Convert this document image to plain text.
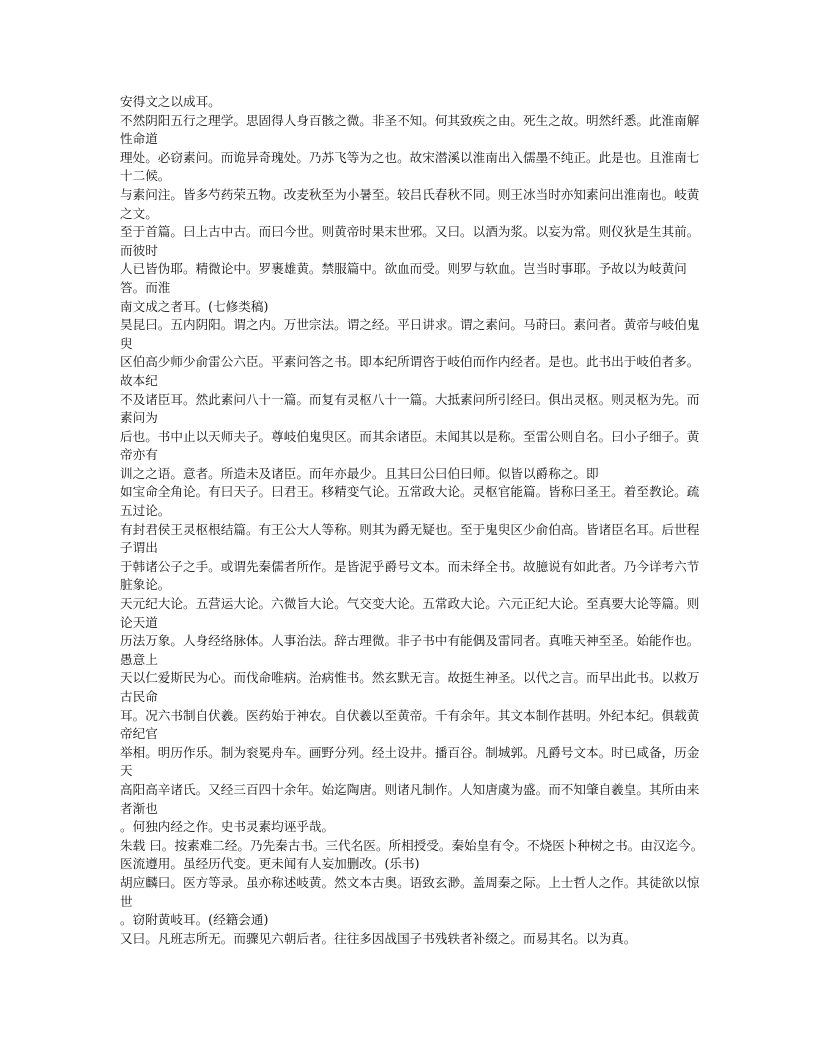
安得文之以成耳。
不然阴阳五行之理学。思固得人身百骸之微。非圣不知。何其致疾之由。死生之故。明然纤悉。此淮南解性命道
理处。必窃素问。而诡异奇瑰处。乃苏飞等为之也。故宋潜溪以淮南出入儒墨不纯正。此是也。且淮南七十二候。
与素问注。皆多芍药荣五物。改麦秋至为小暑至。较吕氏春秋不同。则王冰当时亦知素问出淮南也。岐黄之文。
至于首篇。曰上古中古。而曰今世。则黄帝时果末世邪。又曰。以酒为浆。以妄为常。则仪狄是生其前。而彼时
人已皆伪耶。精微论中。罗裹雄黄。禁服篇中。欲血而受。则罗与软血。岂当时事耶。予故以为岐黄问答。而淮
南文成之者耳。(七修类稿)
昊昆曰。五内阴阳。谓之内。万世宗法。谓之经。平日讲求。谓之素问。马莳曰。素问者。黄帝与岐伯鬼臾
区伯高少师少俞雷公六臣。平素问答之书。即本纪所谓咨于岐伯而作内经者。是也。此书出于岐伯者多。故本纪
不及诸臣耳。然此素问八十一篇。而复有灵枢八十一篇。大抵素问所引经曰。俱出灵枢。则灵枢为先。而素问为
后也。书中止以天师夫子。尊岐伯鬼臾区。而其余诸臣。未闻其以是称。至雷公则自名。曰小子细子。黄帝亦有
训之之语。意者。所造未及诸臣。而年亦最少。且其曰公曰伯曰师。似皆以爵称之。即
如宝命全角论。有曰天子。曰君王。移精变气论。五常政大论。灵枢官能篇。皆称曰圣王。着至教论。疏五过论。
有封君侯王灵枢根结篇。有王公大人等称。则其为爵无疑也。至于鬼臾区少俞伯高。皆诸臣名耳。后世程子谓出
于韩诸公子之手。或谓先秦儒者所作。是皆泥乎爵号文本。而未绎全书。故臆说有如此者。乃今详考六节脏象论。
天元纪大论。五营运大论。六微旨大论。气交变大论。五常政大论。六元正纪大论。至真要大论等篇。则论天道
历法万象。人身经络脉体。人事治法。辞古理微。非子书中有能偶及雷同者。真唯天神至圣。始能作也。愚意上
天以仁爱斯民为心。而伐命唯病。治病惟书。然玄默无言。故挺生神圣。以代之言。而早出此书。以救万古民命
耳。况六书制自伏羲。医药始于神农。自伏羲以至黄帝。千有余年。其文本制作甚明。外纪本纪。俱载黄帝纪官
举相。明历作乐。制为衮冕舟车。画野分列。经土设井。播百谷。制城郭。凡爵号文本。时已咸备，历金天
高阳高辛诸氏。又经三百四十余年。始迄陶唐。则诸凡制作。人知唐虞为盛。而不知肇自羲皇。其所由来者渐也
。何独内经之作。史书灵素均诬乎哉。
朱载 曰。按素难二经。乃先秦古书。三代名医。所相授受。秦始皇有令。不烧医卜种树之书。由汉迄今。
医流遵用。虽经历代变。更未闻有人妄加删改。(乐书)
胡应麟曰。医方等录。虽亦称述岐黄。然文本古奥。语致玄渺。盖周秦之际。上士哲人之作。其徒欲以惊世
。窃附黄岐耳。(经籍会通)
又曰。凡班志所无。而骤见六朝后者。往往多因战国子书残轶者补缀之。而易其名。以为真。
